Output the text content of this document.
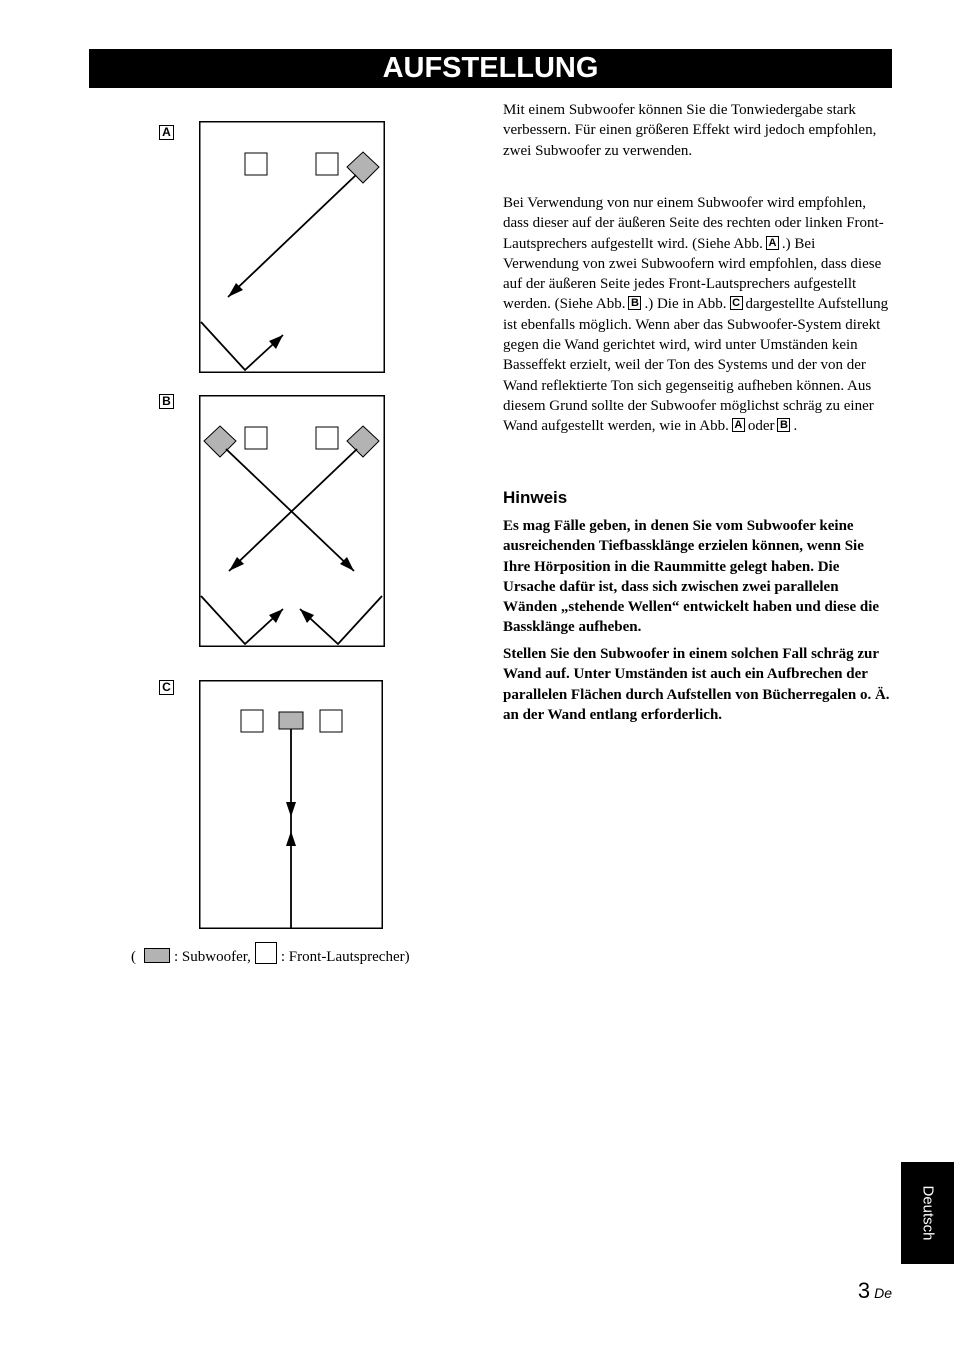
AUFSTELLUNG
A
B
C
(	: Subwoofer, : Front-Lautsprecher)

Mit einem Subwoofer können Sie die Tonwiedergabe stark verbessern. Für einen größeren Effekt wird jedoch empfohlen, zwei Subwoofer zu verwenden.

Bei Verwendung von nur einem Subwoofer wird empfohlen, dass dieser auf der äußeren Seite des rechten oder linken Front-Lautsprechers aufgestellt wird. (Siehe Abb. A .) Bei Verwendung von zwei Subwoofern wird empfohlen, dass diese auf der äußeren Seite jedes Front-Lautsprechers aufgestellt werden. (Siehe Abb. B .) Die in Abb. C dargestellte Aufstellung ist ebenfalls möglich. Wenn aber das Subwoofer-System direkt gegen die Wand gerichtet wird, wird unter Umständen kein Basseffekt erzielt, weil der Ton des Systems und der von der Wand reflektierte Ton sich gegenseitig aufheben können. Aus diesem Grund sollte der Subwoofer möglichst schräg zu einer Wand aufgestellt werden, wie in Abb. A oder B .

Hinweis

Es mag Fälle geben, in denen Sie vom Subwoofer keine ausreichenden Tiefbassklänge erzielen können, wenn Sie Ihre Hörposition in die Raummitte gelegt haben. Die Ursache dafür ist, dass sich zwischen zwei parallelen Wänden „stehende Wellen“ entwickelt haben und diese die Bassklänge aufheben.

Stellen Sie den Subwoofer in einem solchen Fall schräg zur Wand auf. Unter Umständen ist auch ein Aufbrechen der parallelen Flächen durch Aufstellen von Bücherregalen o. Ä. an der Wand entlang erforderlich.

Deutsch
3 De
